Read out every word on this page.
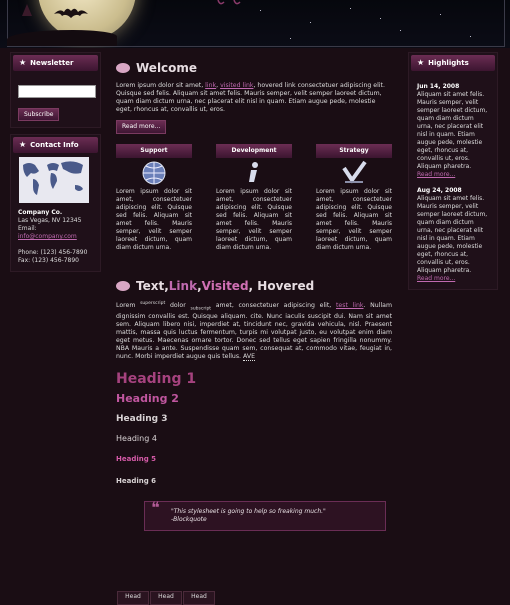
★ Newsletter
Subscribe
★ Contact Info
Company Co.
Las Vegas, NV 12345
Email:
info@company.com
Phone: (123) 456-7890
Fax: (123) 456-7890
Welcome
Lorem ipsum dolor sit amet, link, visited link, hovered link consectetuer adipiscing elit. Quisque sed felis. Aliquam sit amet felis. Mauris semper, velit semper laoreet dictum, quam diam dictum urna, nec placerat elit nisl in quam. Etiam augue pede, molestie eget, rhoncus at, convallis ut, eros.
Read more...
Support
Lorem ipsum dolor sit amet, consectetuer adipiscing elit. Quisque sed felis. Aliquam sit amet felis. Mauris semper, velit semper laoreet dictum, quam diam dictum urna.
Development
Lorem ipsum dolor sit amet, consectetuer adipiscing elit. Quisque sed felis. Aliquam sit amet felis. Mauris semper, velit semper laoreet dictum, quam diam dictum urna.
Strategy
Lorem ipsum dolor sit amet, consectetuer adipiscing elit. Quisque sed felis. Aliquam sit amet felis. Mauris semper, velit semper laoreet dictum, quam diam dictum urna.
Text, Link , Visited , Hovered
Lorem $^{superscript}$ dolor $_{subscript}$ amet, consectetuer adipiscing elit, test link. Nullam dignissim convallis est. Quisque aliquam. cite. Nunc iaculis suscipit dui. Nam sit amet sem. Aliquam libero nisi, imperdiet at, tincidunt nec, gravida vehicula, nisl. Praesent mattis, massa quis luctus fermentum, turpis mi volutpat justo, eu volutpat enim diam eget metus. Maecenas ornare tortor. Donec sed tellus eget sapien fringilla nonummy. NBA Mauris a ante. Suspendisse quam sem, consequat at, commodo vitae, feugiat in, nunc. Morbi imperdiet augue quis tellus. AVE
Heading 1
Heading 2
Heading 3
Heading 4
Heading 5
Heading 6
❝ "This stylesheet is going to help so freaking much."
-Blockquote
Head	Head	Head
★ Highlights
Jun 14, 2008
Aliquam sit amet felis. Mauris semper, velit semper laoreet dictum, quam diam dictum urna, nec placerat elit nisl in quam. Etiam augue pede, molestie eget, rhoncus at, convallis ut, eros. Aliquam pharetra.
Read more...
Aug 24, 2008
Aliquam sit amet felis. Mauris semper, velit semper laoreet dictum, quam diam dictum urna, nec placerat elit nisl in quam. Etiam augue pede, molestie eget, rhoncus at, convallis ut, eros. Aliquam pharetra.
Read more...
